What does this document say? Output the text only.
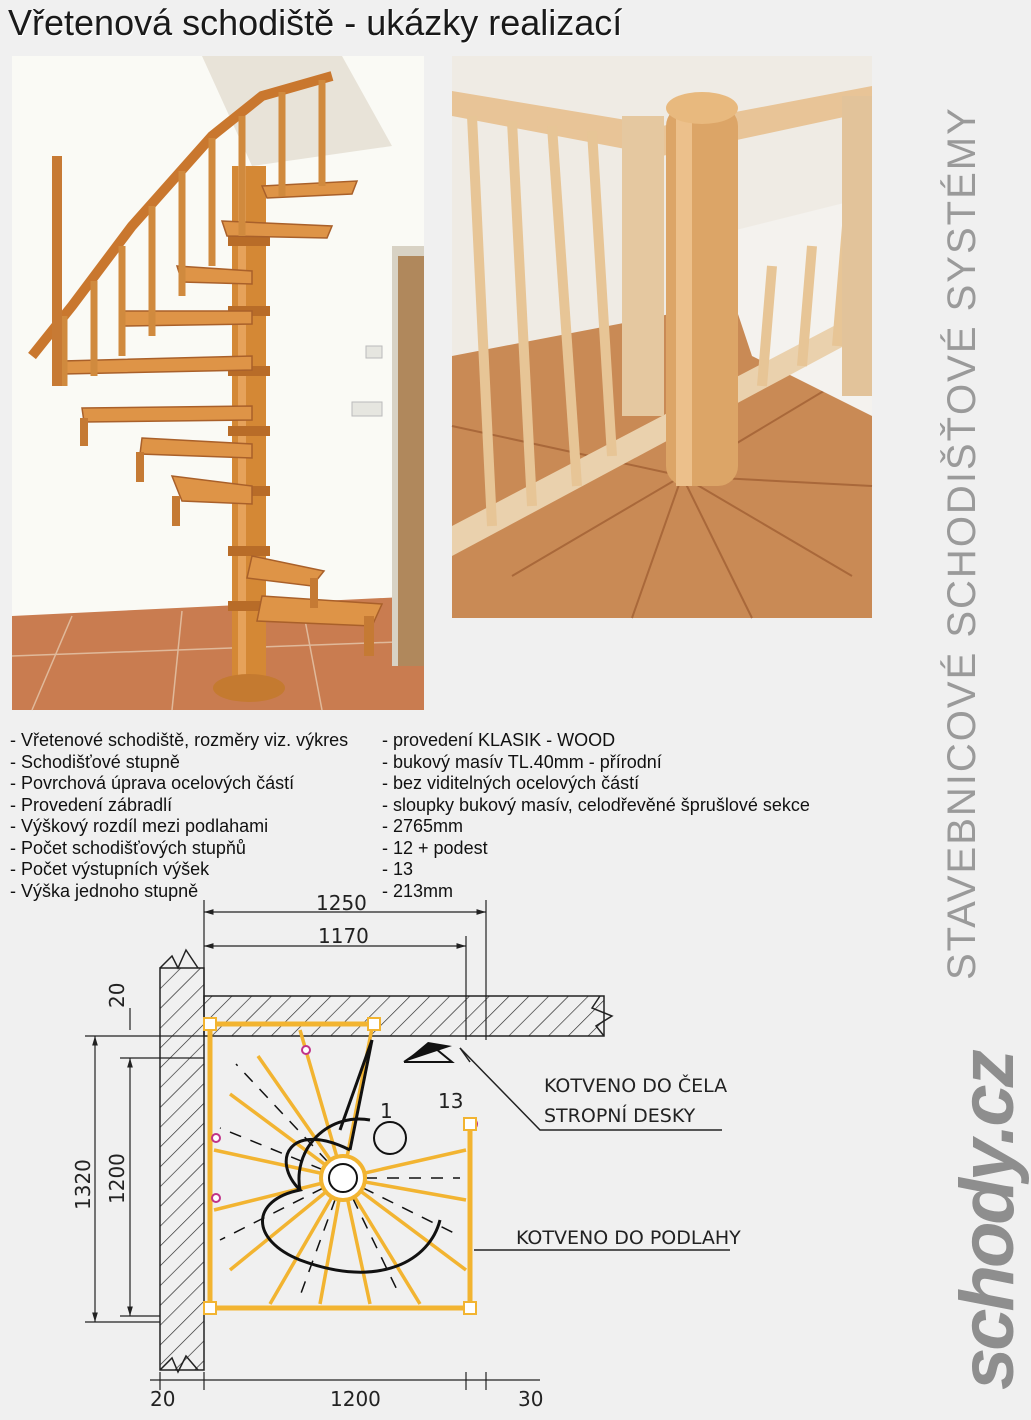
Vřetenová schodiště - ukázky realizací
- Vřetenové schodiště, rozměry viz. výkres	- provedení KLASIK - WOOD
- Schodišťové stupně	- bukový masív TL.40mm - přírodní
- Povrchová úprava ocelových částí	- bez viditelných ocelových částí
- Provedení zábradlí	- sloupky bukový masív, celodřevěné šprušlové sekce
- Výškový rozdíl mezi podlahami	- 2765mm
- Počet schodišťových stupňů	- 12 + podest
- Počet výstupních výšek	- 13
- Výška jednoho stupně	- 213mm	STAVEBNICOVÉ SCHODIŠŤOVÉ SYSTÉMY
schody.cz
1250
1170
20
1320 1200
20	1200	30
1 13
KOTVENO DO ČELA
STROPNÍ DESKY
KOTVENO DO PODLAHY
